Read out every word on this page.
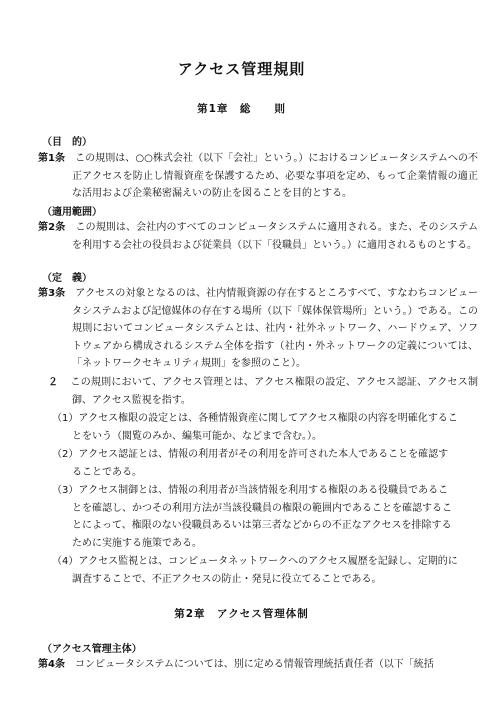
アクセス管理規則
第1章　総　　則
（目　的）

第1条 この規則は、○○株式会社（以下「会社」という。）におけるコンピュータシステムへの不正アクセスを防止し情報資産を保護するため、必要な事項を定め、もって企業情報の適正な活用および企業秘密漏えいの防止を図ることを目的とする。

（適用範囲）

第2条 この規則は、会社内のすべてのコンピュータシステムに適用される。また、そのシステムを利用する会社の役員および従業員（以下「役職員」という。）に適用されるものとする。

（定　義）

第3条 アクセスの対象となるのは、社内情報資源の存在するところすべて、すなわちコンピュータシステムおよび記憶媒体の存在する場所（以下「媒体保管場所」という。）である。この規則においてコンピュータシステムとは、社内・社外ネットワーク、ハードウェア、ソフトウェアから構成されるシステム全体を指す（社内・外ネットワークの定義については、「ネットワークセキュリティ規則」を参照のこと）。

２ この規則において、アクセス管理とは、アクセス権限の設定、アクセス認証、アクセス制御、アクセス監視を指す。

（1）アクセス権限の設定とは、各種情報資産に関してアクセス権限の内容を明確化することをいう（閲覧のみか、編集可能か、などまで含む。）。

（2）アクセス認証とは、情報の利用者がその利用を許可された本人であることを確認することである。

（3）アクセス制御とは、情報の利用者が当該情報を利用する権限のある役職員であることを確認し、かつその利用方法が当該役職員の権限の範囲内であることを確認することによって、権限のない役職員あるいは第三者などからの不正なアクセスを排除するために実施する施策である。

（4）アクセス監視とは、コンピュータネットワークへのアクセス履歴を記録し、定期的に調査することで、不正アクセスの防止・発見に役立てることである。

第2章　アクセス管理体制
（アクセス管理主体）

第4条 コンピュータシステムについては、別に定める情報管理統括責任者（以下「統括
